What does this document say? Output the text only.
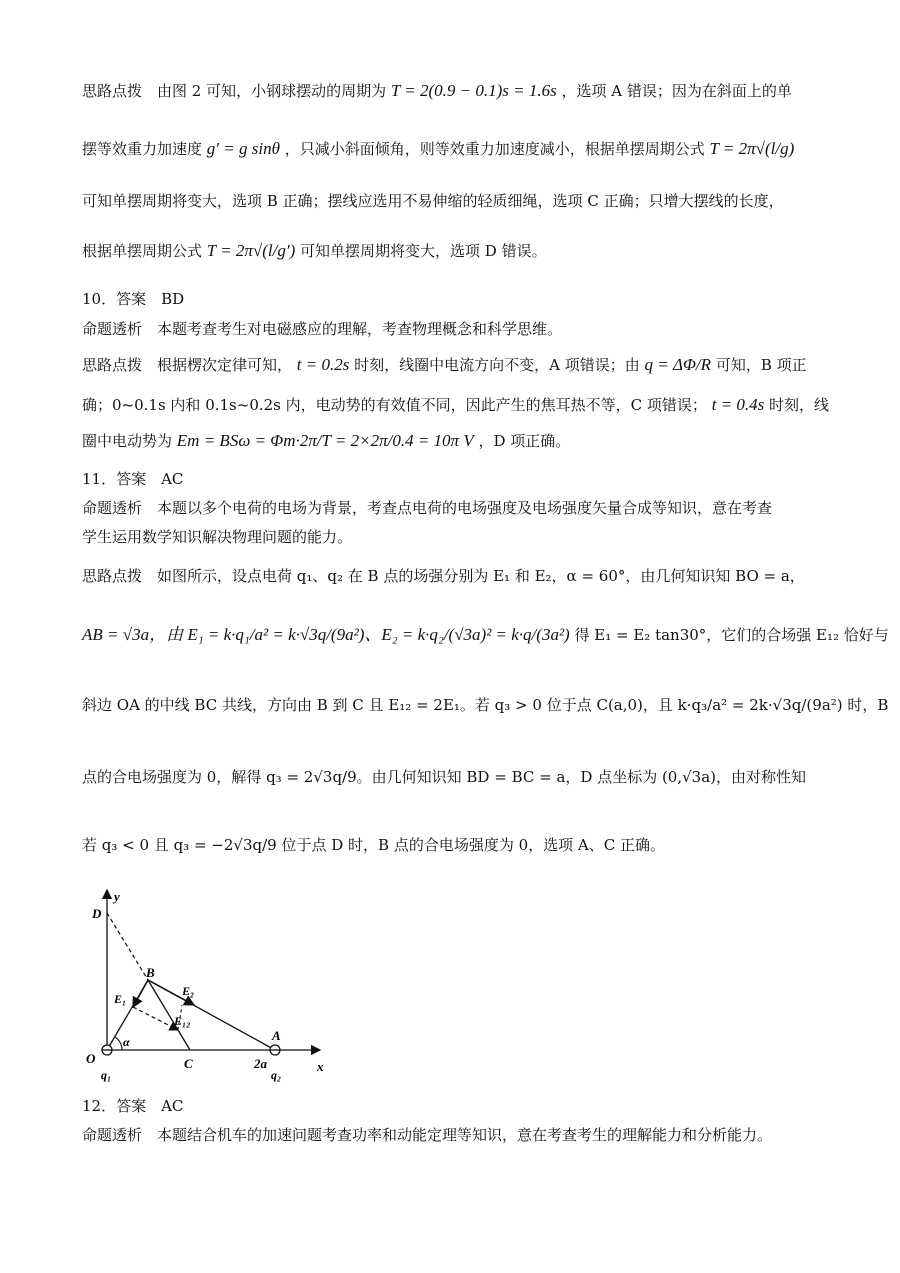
思路点拨　由图 2 可知，小钢球摆动的周期为 T = 2(0.9 − 0.1)s = 1.6s ，选项 A 错误；因为在斜面上的单
摆等效重力加速度 g′ = g sinθ ，只减小斜面倾角，则等效重力加速度减小，根据单摆周期公式 T = 2π√(l/g)
可知单摆周期将变大，选项 B 正确；摆线应选用不易伸缩的轻质细绳，选项 C 正确；只增大摆线的长度，
根据单摆周期公式 T = 2π√(l/g′) 可知单摆周期将变大，选项 D 错误。
10．答案　BD
命题透析　本题考查考生对电磁感应的理解，考查物理概念和科学思维。
思路点拨　根据楞次定律可知， t = 0.2s 时刻，线圈中电流方向不变，A 项错误；由 q = ΔΦ/R 可知，B 项正
确；0~0.1s 内和 0.1s~0.2s 内，电动势的有效值不同，因此产生的焦耳热不等，C 项错误； t = 0.4s 时刻，线
圈中电动势为 Em = BSω = Φm·2π/T = 2×2π/0.4 = 10π V ，D 项正确。
11．答案　AC
命题透析　本题以多个电荷的电场为背景，考查点电荷的电场强度及电场强度矢量合成等知识，意在考查
学生运用数学知识解决物理问题的能力。
思路点拨　如图所示，设点电荷 q₁、q₂ 在 B 点的场强分别为 E₁ 和 E₂，α = 60°，由几何知识知 BO = a，
AB = √3a，由 E₁ = k·q₁/a² = k·√3q/(9a²)、E₂ = k·q₂/(√3a)² = k·q/(3a²) 得 E₁ = E₂ tan30°，它们的合场强 E₁₂ 恰好与
斜边 OA 的中线 BC 共线，方向由 B 到 C 且 E₁₂ = 2E₁。若 q₃ > 0 位于点 C(a,0)，且 k·q₃/a² = 2k·√3q/(9a²) 时，B
点的合电场强度为 0，解得 q₃ = 2√3q/9。由几何知识知 BD = BC = a，D 点坐标为 (0,√3a)，由对称性知
若 q₃ < 0 且 q₃ = −2√3q/9 位于点 D 时，B 点的合电场强度为 0，选项 A、C 正确。
y
x
D
B
O	C
A
α
2a
q₁	q₂
E₁
E₂
E₁₂
12．答案　AC
命题透析　本题结合机车的加速问题考查功率和动能定理等知识，意在考查考生的理解能力和分析能力。
